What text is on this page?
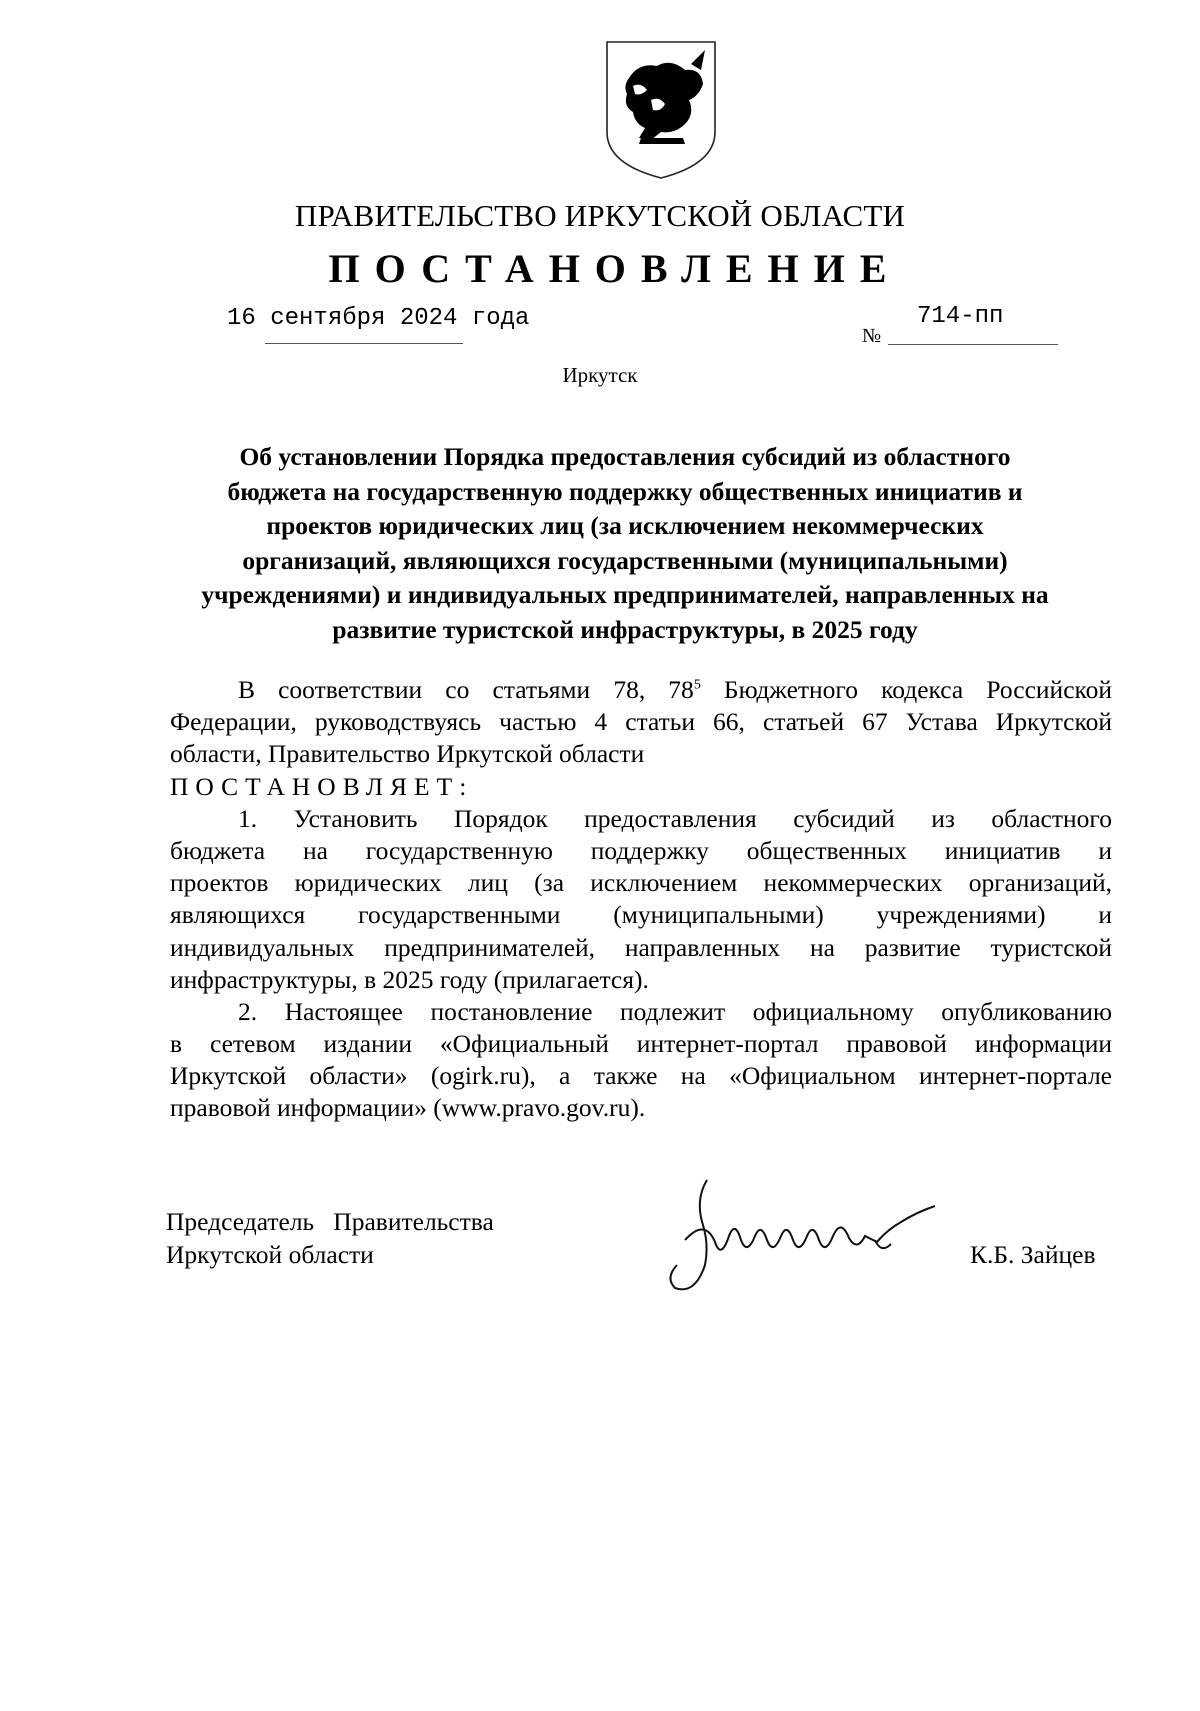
ПРАВИТЕЛЬСТВО ИРКУТСКОЙ ОБЛАСТИ
ПОСТАНОВЛЕНИЕ
16 сентября 2024 года
№
714-пп
Иркутск
Об установлении Порядка предоставления субсидий из областного
бюджета на государственную поддержку общественных инициатив и
проектов юридических лиц (за исключением некоммерческих
организаций, являющихся государственными (муниципальными)
учреждениями) и индивидуальных предпринимателей, направленных на
развитие туристской инфраструктуры, в 2025 году
В соответствии со статьями 78, $78^5$ Бюджетного кодекса Российской
Федерации, руководствуясь частью 4 статьи 66, статьей 67 Устава Иркутской
области, Правительство Иркутской области
ПОСТАНОВЛЯЕТ:
1. Установить Порядок предоставления субсидий из областного
бюджета на государственную поддержку общественных инициатив и
проектов юридических лиц (за исключением некоммерческих организаций,
являющихся государственными (муниципальными) учреждениями) и
индивидуальных предпринимателей, направленных на развитие туристской
инфраструктуры, в 2025 году (прилагается).
2. Настоящее постановление подлежит официальному опубликованию
в сетевом издании «Официальный интернет-портал правовой информации
Иркутской области» (ogirk.ru), а также на «Официальном интернет-портале
правовой информации» (www.pravo.gov.ru).
Председатель   Правительства
Иркутской области	К.Б. Зайцев
